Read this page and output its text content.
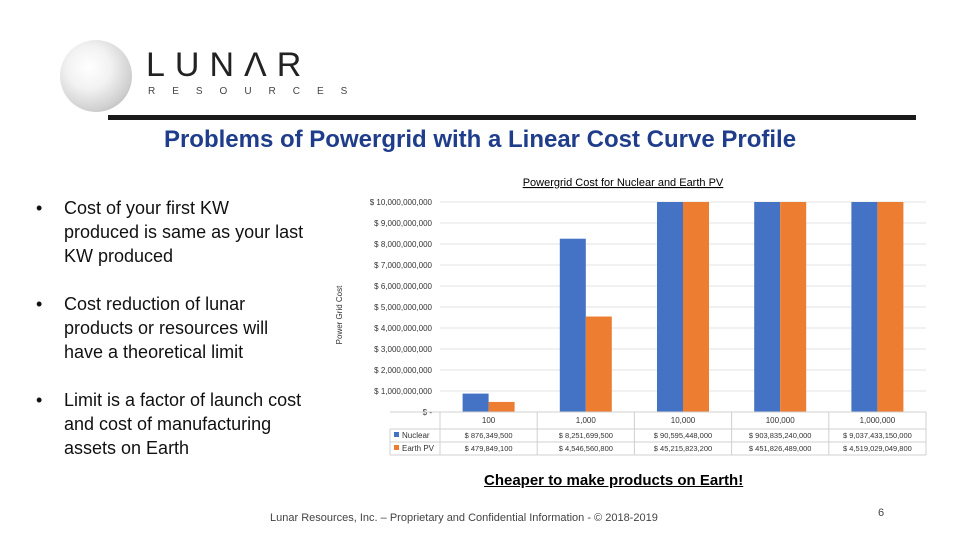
LUNΛR
RESOURCES
Problems of Powergrid with a Linear Cost Curve Profile
• Cost of your first KW produced is same as your last KW produced
• Cost reduction of lunar products or resources will have a theoretical limit
• Limit is a factor of launch cost and cost of manufacturing assets on Earth
Powergrid Cost for Nuclear and Earth PV
$ -
$ 1,000,000,000
$ 2,000,000,000
$ 3,000,000,000
$ 4,000,000,000
$ 5,000,000,000
$ 6,000,000,000
$ 7,000,000,000
$ 8,000,000,000
$ 9,000,000,000
$ 10,000,000,000
Power Grid Cost
100	1,000	10,000	100,000	1,000,000
Nuclear	$ 876,349,500	$ 8,251,699,500	$ 90,595,448,000	$ 903,835,240,000	$ 9,037,433,150,000
Earth PV	$ 479,849,100	$ 4,546,560,800	$ 45,215,823,200	$ 451,826,489,000	$ 4,519,029,049,800
Cheaper to make products on Earth!
Lunar Resources, Inc. – Proprietary and Confidential Information - © 2018-2019	6
